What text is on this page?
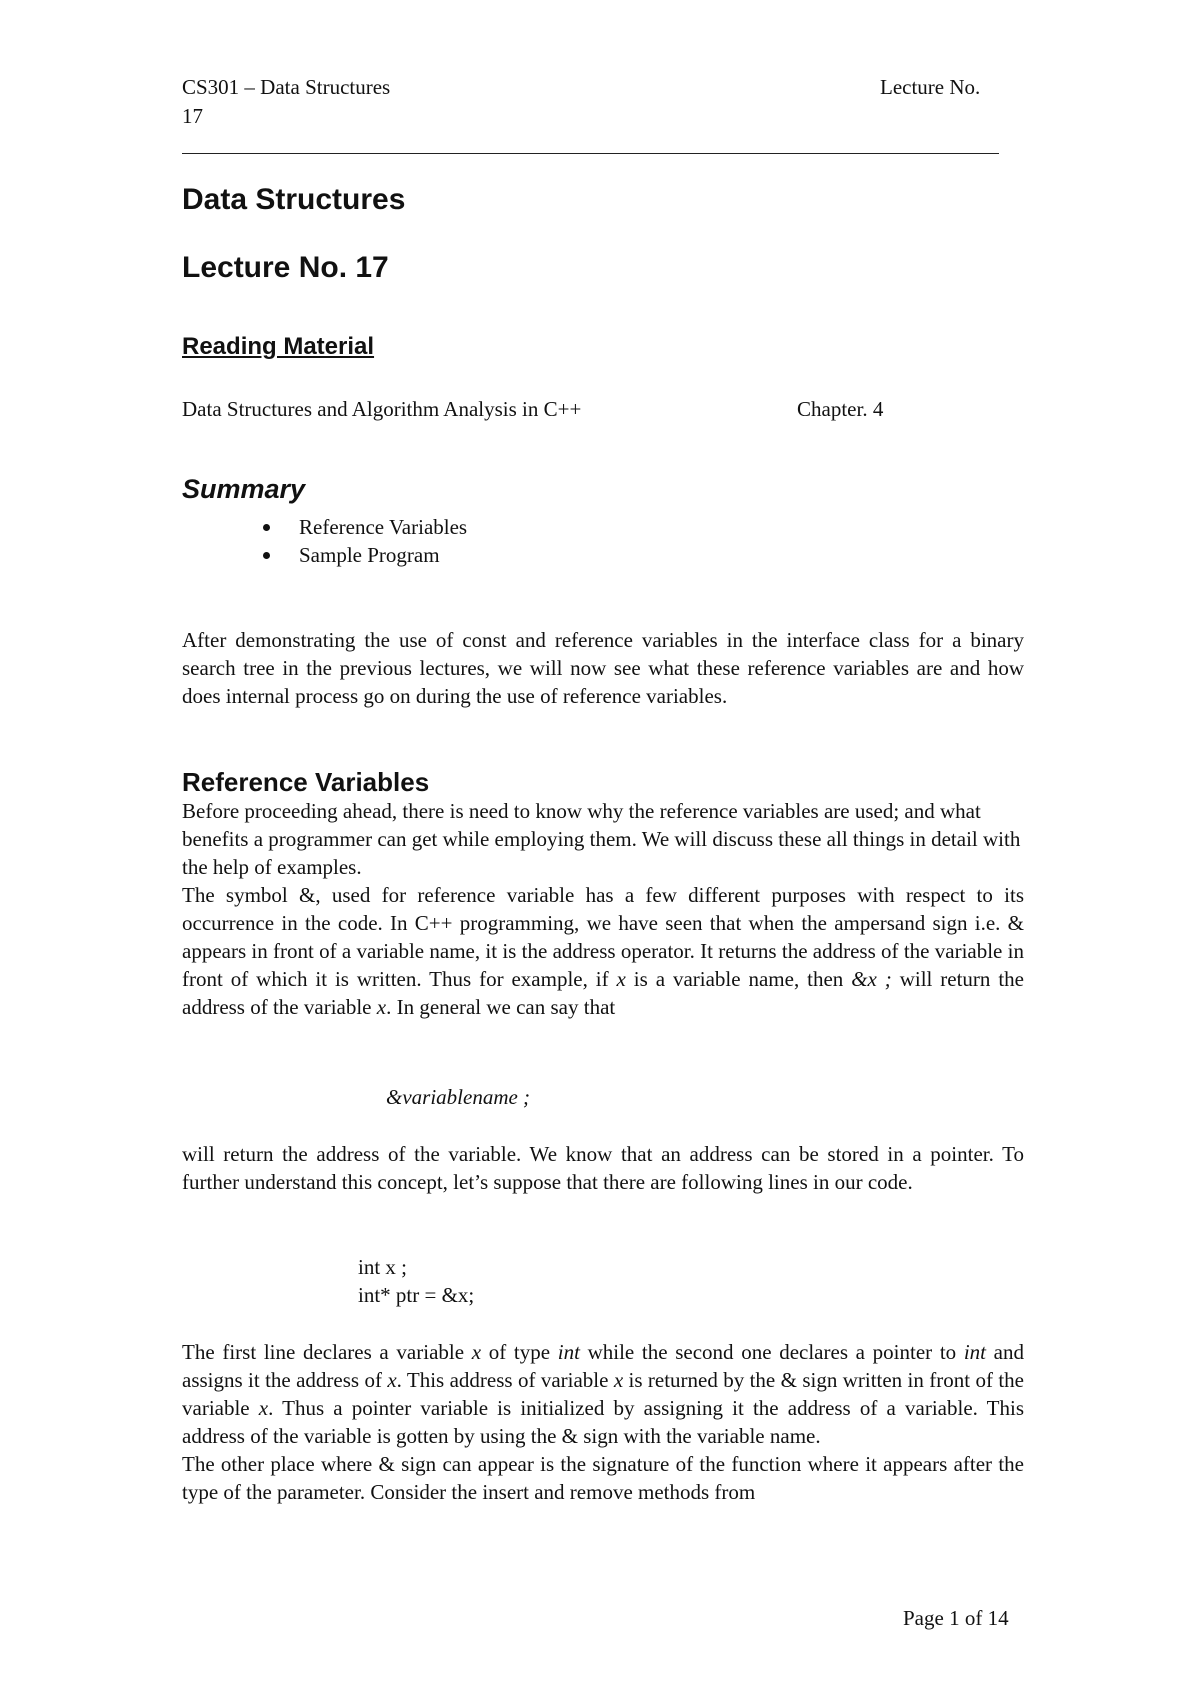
CS301 – Data Structures	Lecture No.
17
Data Structures
Lecture No. 17
Reading Material
Data Structures and Algorithm Analysis in C++	Chapter. 4
Summary
Reference Variables
Sample Program
After demonstrating the use of const and reference variables in the interface class for a binary search tree in the previous lectures, we will now see what these reference variables are and how does internal process go on during the use of reference variables.
Reference Variables

Before proceeding ahead, there is need to know why the reference variables are used; and what benefits a programmer can get while employing them. We will discuss these all things in detail with the help of examples.

The symbol &, used for reference variable has a few different purposes with respect to its occurrence in the code. In C++ programming, we have seen that when the ampersand sign i.e. & appears in front of a variable name, it is the address operator. It returns the address of the variable in front of which it is written. Thus for example, if x is a variable name, then &x ; will return the address of the variable x. In general we can say that

&variablename ;
will return the address of the variable. We know that an address can be stored in a pointer. To further understand this concept, let’s suppose that there are following lines in our code.
int x ;
int* ptr = &x;

The first line declares a variable x of type int while the second one declares a pointer to int and assigns it the address of x. This address of variable x is returned by the & sign written in front of the variable x. Thus a pointer variable is initialized by assigning it the address of a variable. This address of the variable is gotten by using the & sign with the variable name.

The other place where & sign can appear is the signature of the function where it appears after the type of the parameter. Consider the insert and remove methods from

Page 1 of 14
